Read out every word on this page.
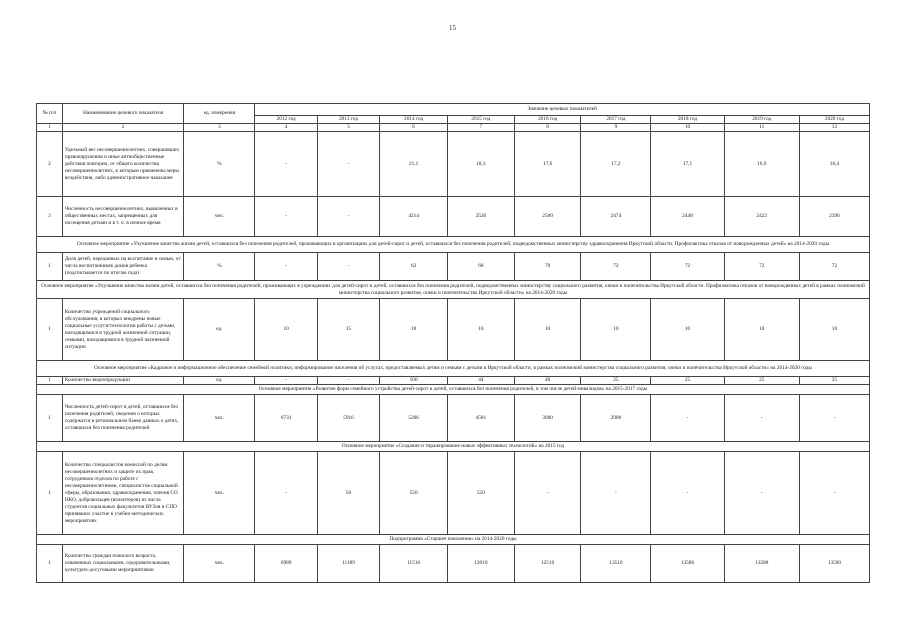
15
№ п/п	Наименование целевого показателя	ед. измерения	Значение целевых показателей								
			2012 год	2013 год	2014 год	2015 год	2016 год	2017 год	2018 год	2019 год	2020 год
1	2	3	4	5	6	7	8	9	10	11	12
2	Удельный вес несовершеннолетних, совершивших правонарушения и иные антиобщественные действия повторно, от общего количества несовершеннолетних, к которым применены меры воздействия, либо административное наказание	%	-	-	21,1	18,3	17,6	17,2	17,1	16,9	16,4
3	Численность несовершеннолетних, выявленных в общественных местах, запрещенных для посещения детьми и в т. ч. в ночное время	чел.	-	-	4214	2526	2500	2474	2448	2422	2396
Основное мероприятие «Улучшение качества жизни детей, оставшихся без попечения родителей, проживающих в организациях для детей-сирот и детей, оставшихся без попечения родителей, подведомственных министерству здравоохранения Иркутской области. Профилактика отказов от новорожденных детей» на 2014-2020 годы											
1	Доля детей, переданных на воспитание в семью, от числа воспитанников домов ребенка (подсчитывается по итогам года)	%	-	-	62	68	70	72	72	72	72
Основное мероприятие «Улучшение качества жизни детей, оставшихся без попечения родителей, проживающих в учреждениях для детей-сирот и детей, оставшихся без попечения родителей, подведомственных министерству социального развития, опеки и попечительства Иркутской области. Профилактика отказов от новорожденных детей в рамках полномочий министерства социального развития, опеки и попечительства Иркутской области» на 2014-2020 годы											
1	Количество учреждений социального обслуживания, в которых внедрены новые социальные услуги/технологии работы с детьми, находящимися в трудной жизненной ситуации, семьями, находящимися в трудной жизненной ситуации	ед.	10	15	18	10	10	10	10	10	10
Основное мероприятие «Кадровое и информационное обеспечение семейной политики, информирование населения об услугах, предоставляемых детям и семьям с детьми в Иркутской области, в рамках полномочий министерства социального развития, опеки и попечительства Иркутской области» на 2014-2020 годы											
1	Количество видеопродукции	ед.	-	-	100	44	40	25	25	25	25
Основное мероприятие «Развитие форм семейного устройства детей-сирот и детей, оставшихся без попечения родителей, в том числе детей-инвалидов» на 2015-2017 годы											
1	Численность детей-сирот и детей, оставшихся без попечения родителей, сведения о которых содержатся в региональном банке данных о детях, оставшихся без попечения родителей	чел.	6731	5916	5206	4581	3000	2900	-	-	-
Основное мероприятие «Создание и тиражирование новых эффективных технологий» на 2015 год											
1	Количество специалистов комиссий по делам несовершеннолетних и защите их прав, сотрудников отделов по работе с несовершеннолетними, специалистов социальной сферы, образования, здравоохранения, членов СО НКО, добровольцев (волонтеров) из числа студентов социальных факультетов ВУЗов и СПО принявших участие в учебно-методических мероприятиях	чел.	-	50	550	550	-	-	-	-	-
Подпрограмма «Старшее поколение» на 2014-2020 годы											
1	Количество граждан пожилого возраста, охваченных социальными, оздоровительными, культурно-досуговыми мероприятиями	чел.	6989	11189	11510	12010	12510	13510	13586	13588	13590
